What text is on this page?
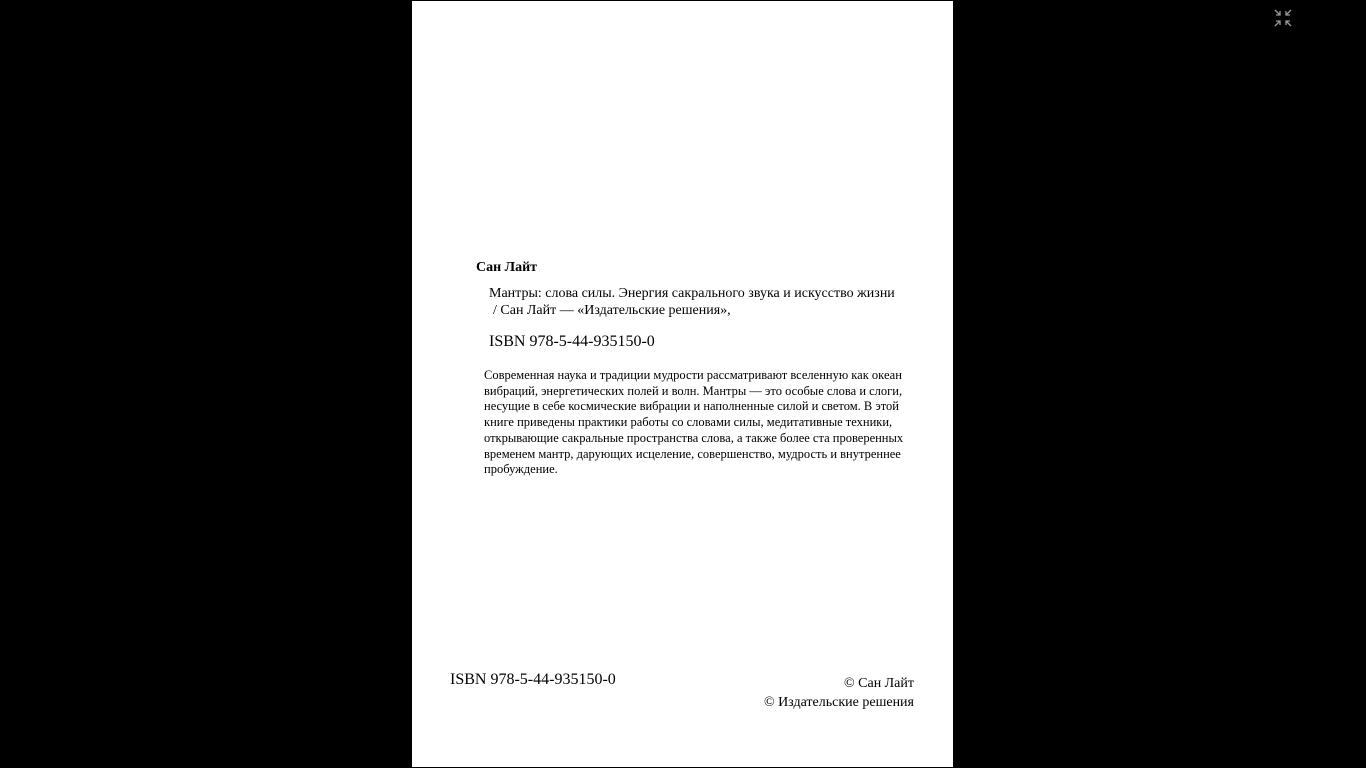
Сан Лайт
Мантры: слова силы. Энергия сакрального звука и искусство жизни
/ Сан Лайт — «Издательские решения»,
ISBN 978-5-44-935150-0
Современная наука и традиции мудрости рассматривают вселенную как океан вибраций, энергетических полей и волн. Мантры — это особые слова и слоги, несущие в себе космические вибрации и наполненные силой и светом. В этой книге приведены практики работы со словами силы, медитативные техники, открывающие сакральные пространства слова, а также более ста проверенных временем мантр, дарующих исцеление, совершенство, мудрость и внутреннее пробуждение.
ISBN 978-5-44-935150-0	© Сан Лайт
© Издательские решения
